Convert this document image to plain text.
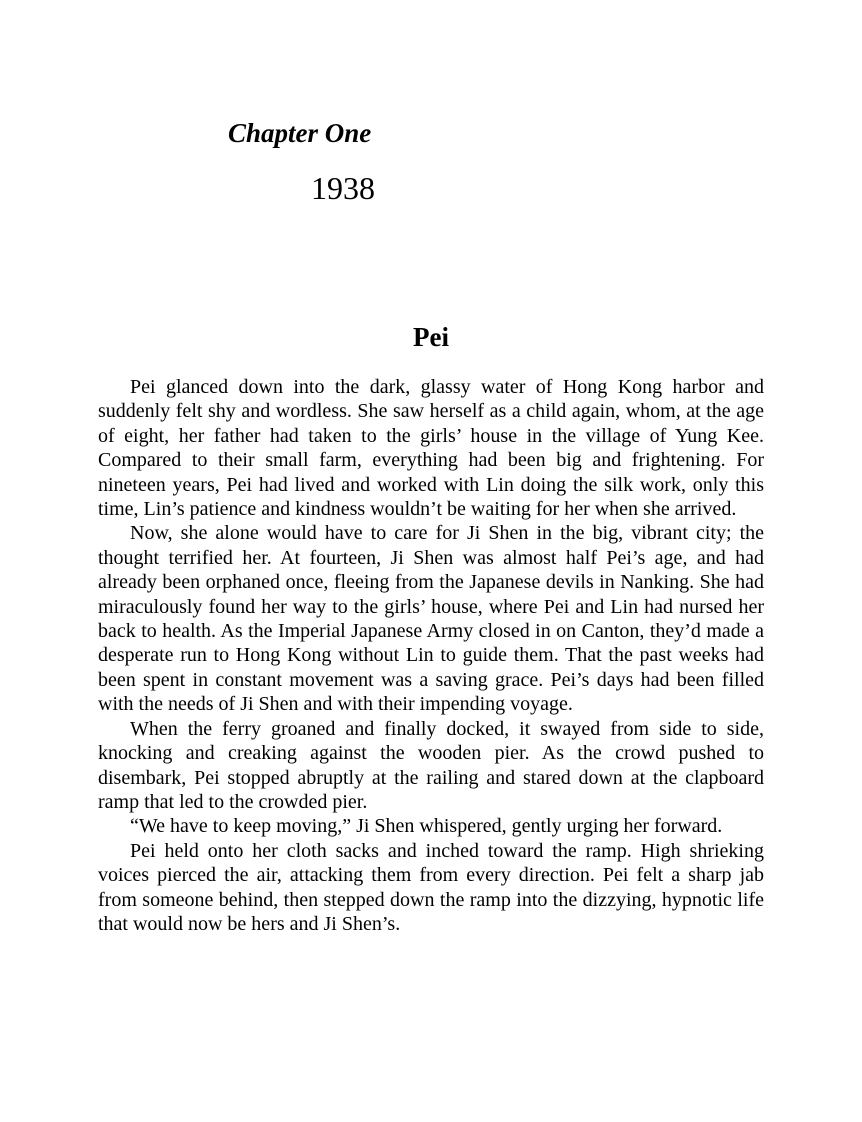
Chapter One
1938
Pei

Pei glanced down into the dark, glassy water of Hong Kong harbor and suddenly felt shy and wordless. She saw herself as a child again, whom, at the age of eight, her father had taken to the girls’ house in the village of Yung Kee. Compared to their small farm, everything had been big and frightening. For nineteen years, Pei had lived and worked with Lin doing the silk work, only this time, Lin’s patience and kindness wouldn’t be waiting for her when she arrived.

Now, she alone would have to care for Ji Shen in the big, vibrant city; the thought terrified her. At fourteen, Ji Shen was almost half Pei’s age, and had already been orphaned once, fleeing from the Japanese devils in Nanking. She had miraculously found her way to the girls’ house, where Pei and Lin had nursed her back to health. As the Imperial Japanese Army closed in on Canton, they’d made a desperate run to Hong Kong without Lin to guide them. That the past weeks had been spent in constant movement was a saving grace. Pei’s days had been filled with the needs of Ji Shen and with their impending voyage.

When the ferry groaned and finally docked, it swayed from side to side, knocking and creaking against the wooden pier. As the crowd pushed to disembark, Pei stopped abruptly at the railing and stared down at the clapboard ramp that led to the crowded pier.

“We have to keep moving,” Ji Shen whispered, gently urging her forward.

Pei held onto her cloth sacks and inched toward the ramp. High shrieking voices pierced the air, attacking them from every direction. Pei felt a sharp jab from someone behind, then stepped down the ramp into the dizzying, hypnotic life that would now be hers and Ji Shen’s.
